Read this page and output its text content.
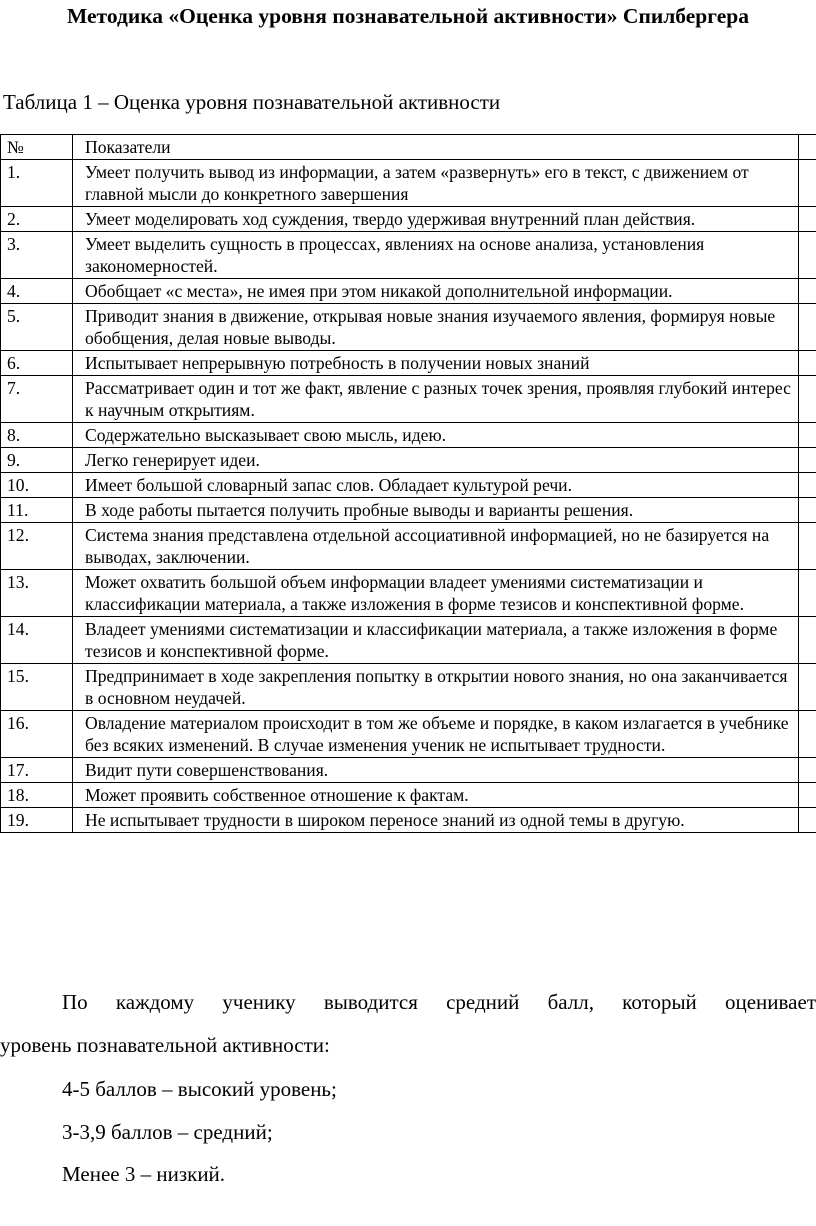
Методика «Оценка уровня познавательной активности» Спилбергера
Таблица 1 – Оценка уровня познавательной активности
№	Показатели	
1.	Умеет получить вывод из информации, а затем «развернуть» его в текст, с движением от главной мысли до конкретного завершения	
2.	Умеет моделировать ход суждения, твердо удерживая внутренний план действия.	
3.	Умеет выделить сущность в процессах, явлениях на основе анализа, установления закономерностей.	
4.	Обобщает «с места», не имея при этом никакой дополнительной информации.	
5.	Приводит знания в движение, открывая новые знания изучаемого явления, формируя новые обобщения, делая новые выводы.	
6.	Испытывает непрерывную потребность в получении новых знаний	
7.	Рассматривает один и тот же факт, явление с разных точек зрения, проявляя глубокий интерес к научным открытиям.	
8.	Содержательно высказывает свою мысль, идею.	
9.	Легко генерирует идеи.	
10.	Имеет большой словарный запас слов. Обладает культурой речи.	
11.	В ходе работы пытается получить пробные выводы и варианты решения.	
12.	Система знания представлена отдельной ассоциативной информацией, но не базируется на выводах, заключении.	
13.	Может охватить большой объем информации владеет умениями систематизации и классификации материала, а также изложения в форме тезисов и конспективной форме.	
14.	Владеет умениями систематизации и классификации материала, а также изложения в форме тезисов и конспективной форме.	
15.	Предпринимает в ходе закрепления попытку в открытии нового знания, но она заканчивается в основном неудачей.	
16.	Овладение материалом происходит в том же объеме и порядке, в каком излагается в учебнике без всяких изменений. В случае изменения ученик не испытывает трудности.	
17.	Видит пути совершенствования.	
18.	Может проявить собственное отношение к фактам.	
19.	Не испытывает трудности в широком переносе знаний из одной темы в другую.	
По каждому ученику выводится средний балл, который оценивает
уровень познавательной активности:
4-5 баллов – высокий уровень;
3-3,9 баллов – средний;
Менее 3 – низкий.
